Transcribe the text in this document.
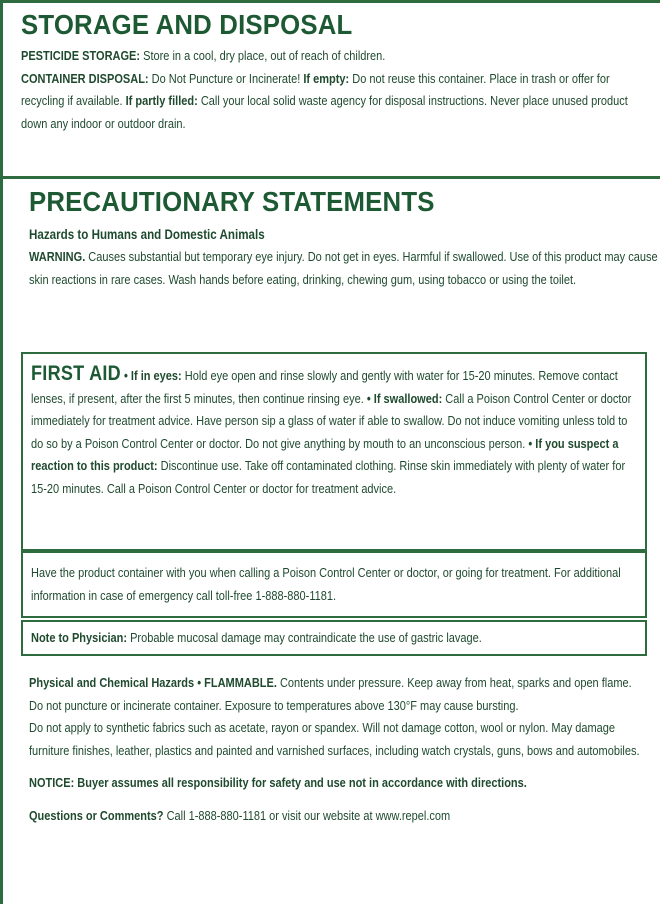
STORAGE AND DISPOSAL
PESTICIDE STORAGE: Store in a cool, dry place, out of reach of children.
CONTAINER DISPOSAL: Do Not Puncture or Incinerate! If empty: Do not reuse this container. Place in trash or offer for recycling if available. If partly filled: Call your local solid waste agency for disposal instructions. Never place unused product down any indoor or outdoor drain.
PRECAUTIONARY STATEMENTS
Hazards to Humans and Domestic Animals
WARNING. Causes substantial but temporary eye injury. Do not get in eyes. Harmful if swallowed. Use of this product may cause skin reactions in rare cases. Wash hands before eating, drinking, chewing gum, using tobacco or using the toilet.
FIRST AID • If in eyes: Hold eye open and rinse slowly and gently with water for 15-20 minutes. Remove contact lenses, if present, after the first 5 minutes, then continue rinsing eye. • If swallowed: Call a Poison Control Center or doctor immediately for treatment advice. Have person sip a glass of water if able to swallow. Do not induce vomiting unless told to do so by a Poison Control Center or doctor. Do not give anything by mouth to an unconscious person. • If you suspect a reaction to this product: Discontinue use. Take off contaminated clothing. Rinse skin immediately with plenty of water for 15-20 minutes. Call a Poison Control Center or doctor for treatment advice.
Have the product container with you when calling a Poison Control Center or doctor, or going for treatment. For additional information in case of emergency call toll-free 1-888-880-1181.
Note to Physician: Probable mucosal damage may contraindicate the use of gastric lavage.
Physical and Chemical Hazards • FLAMMABLE. Contents under pressure. Keep away from heat, sparks and open flame. Do not puncture or incinerate container. Exposure to temperatures above 130°F may cause bursting.
Do not apply to synthetic fabrics such as acetate, rayon or spandex. Will not damage cotton, wool or nylon. May damage furniture finishes, leather, plastics and painted and varnished surfaces, including watch crystals, guns, bows and automobiles.
NOTICE: Buyer assumes all responsibility for safety and use not in accordance with directions.
Questions or Comments? Call 1-888-880-1181 or visit our website at www.repel.com
